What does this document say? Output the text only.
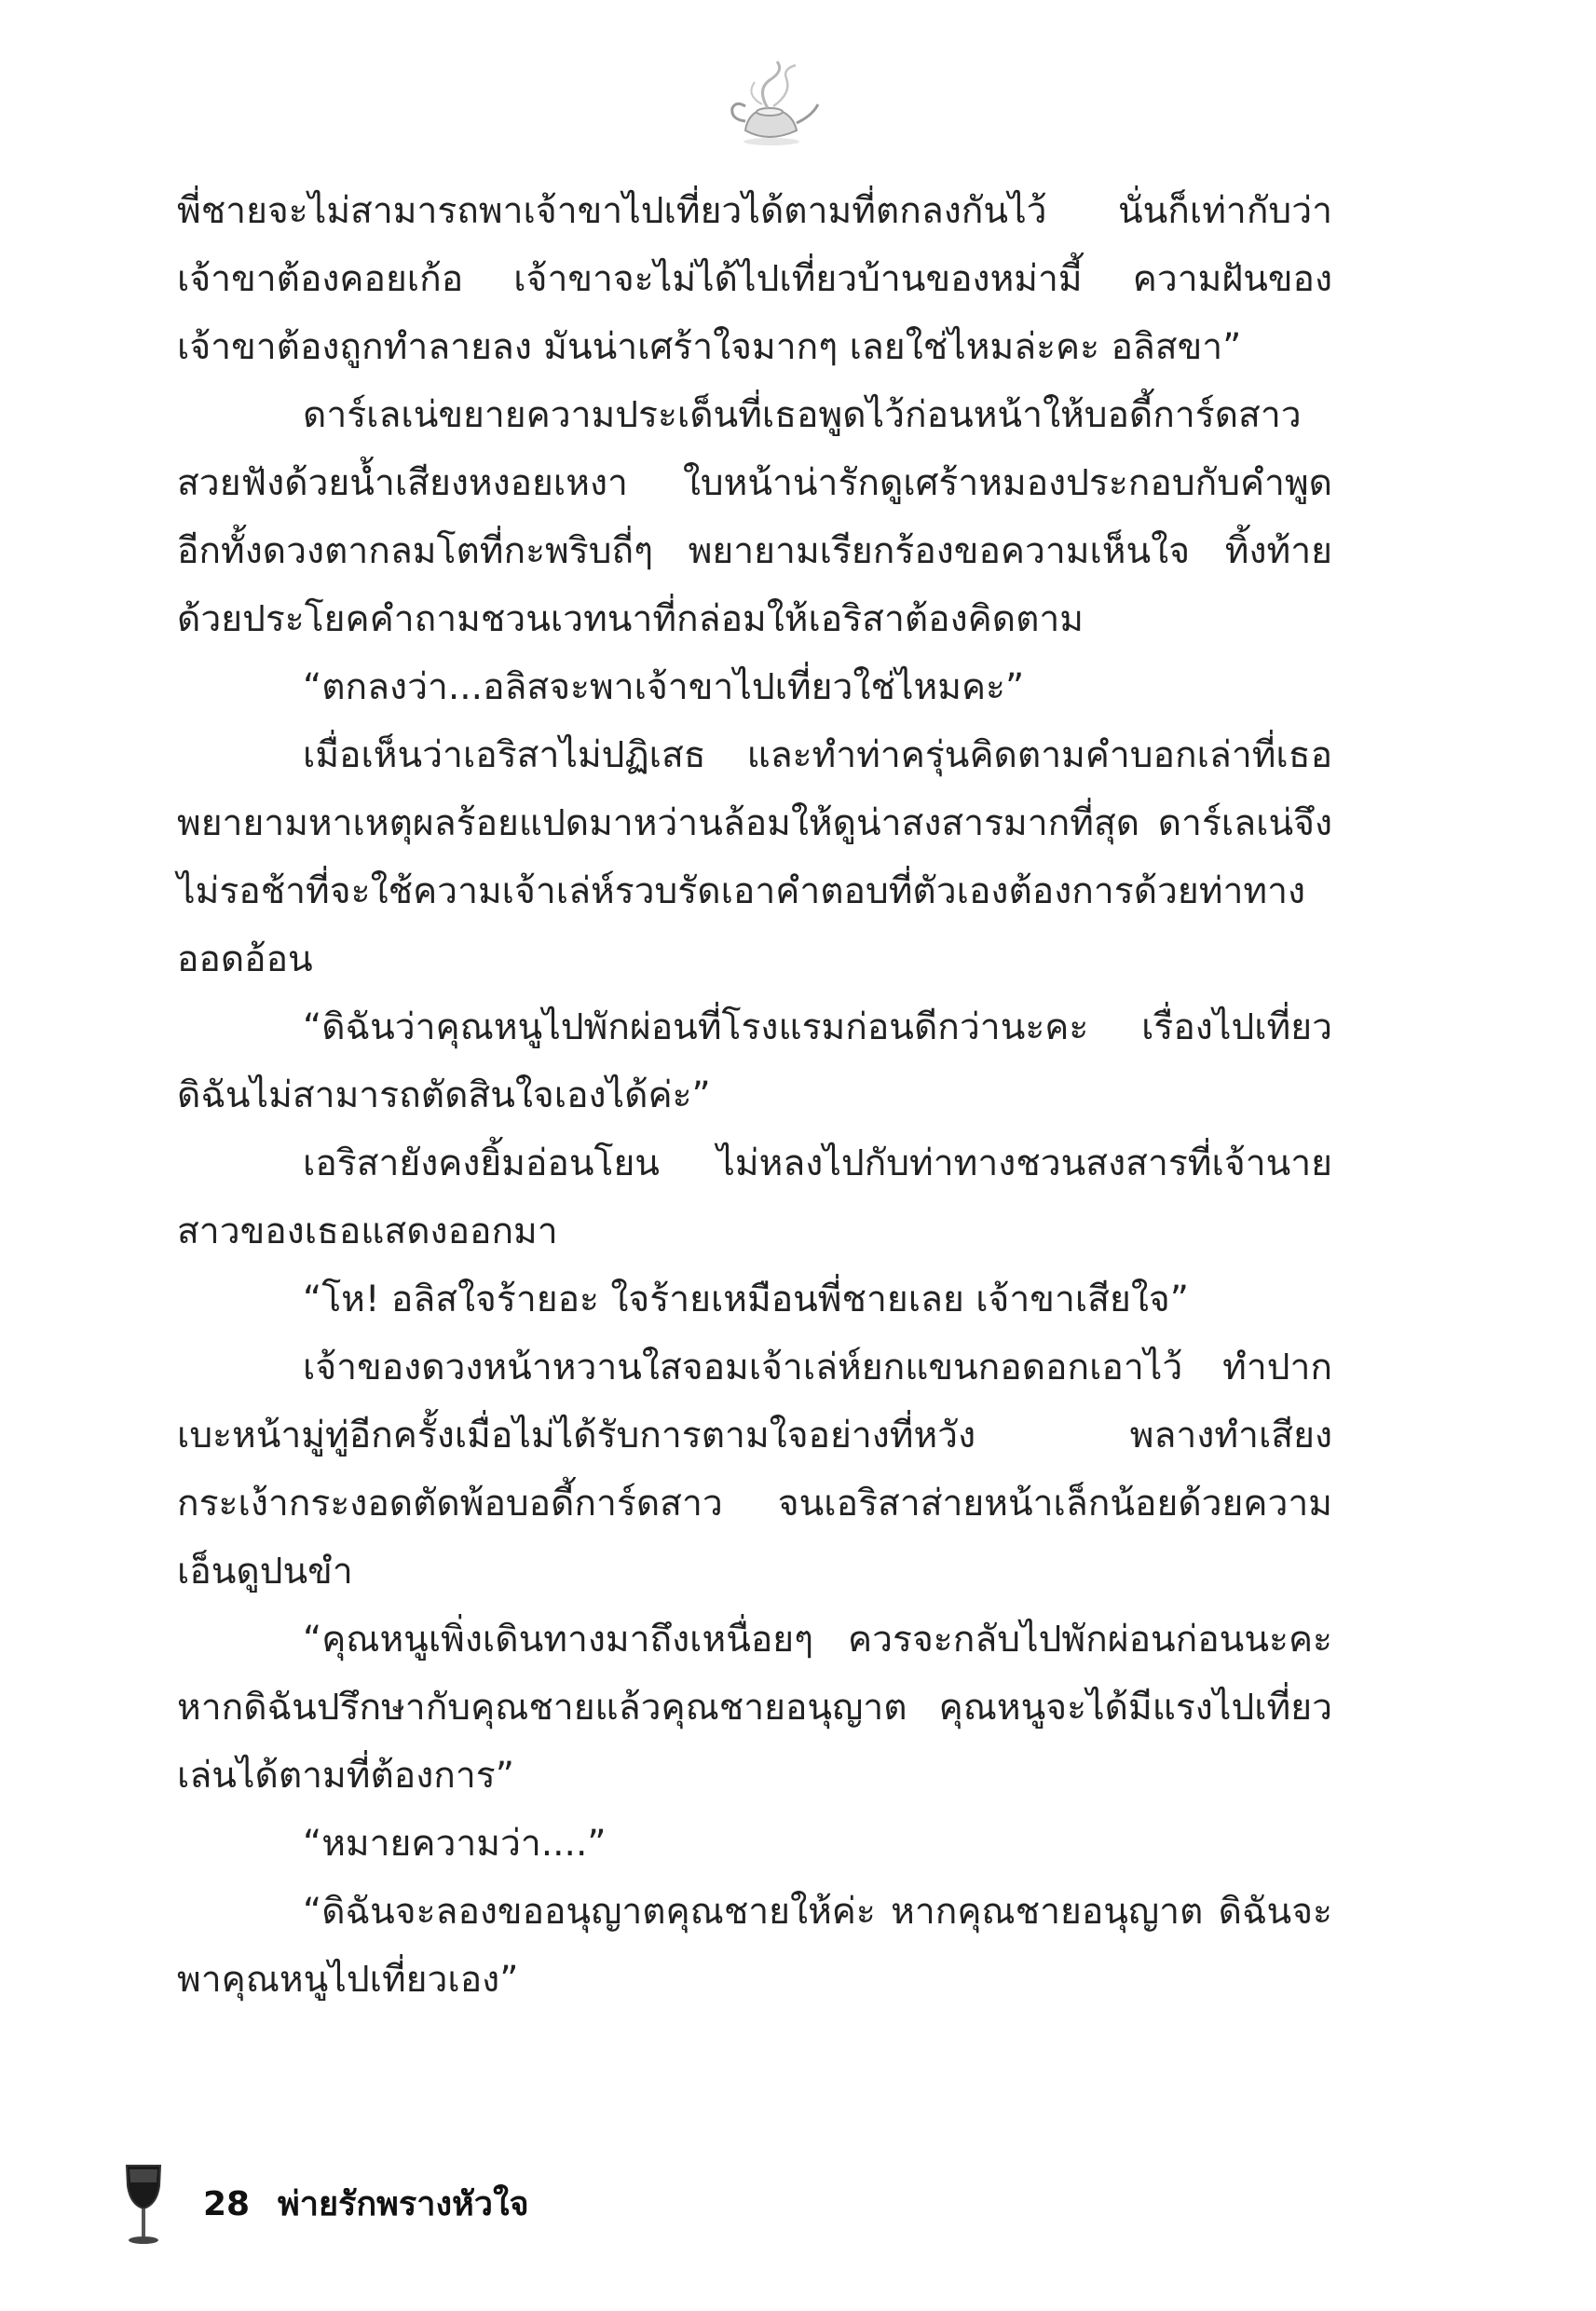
พี่ชายจะไม่สามารถพาเจ้าขาไปเที่ยวได้ตามที่ตกลงกันไว้ นั่นก็เท่ากับว่าเจ้าขาต้องคอยเก้อ เจ้าขาจะไม่ได้ไปเที่ยวบ้านของหม่ามี้ ความฝันของเจ้าขาต้องถูกทำลายลง มันน่าเศร้าใจมากๆ เลยใช่ไหมล่ะคะ อลิสขา”

ดาร์เลเน่ขยายความประเด็นที่เธอพูดไว้ก่อนหน้าให้บอดี้การ์ดสาวสวยฟังด้วยน้ำเสียงหงอยเหงา ใบหน้าน่ารักดูเศร้าหมองประกอบกับคำพูด อีกทั้งดวงตากลมโตที่กะพริบถี่ๆ พยายามเรียกร้องขอความเห็นใจ ทิ้งท้ายด้วยประโยคคำถามชวนเวทนาที่กล่อมให้เอริสาต้องคิดตาม

“ตกลงว่า...อลิสจะพาเจ้าขาไปเที่ยวใช่ไหมคะ”

เมื่อเห็นว่าเอริสาไม่ปฏิเสธ และทำท่าครุ่นคิดตามคำบอกเล่าที่เธอพยายามหาเหตุผลร้อยแปดมาหว่านล้อมให้ดูน่าสงสารมากที่สุด ดาร์เลเน่จึงไม่รอช้าที่จะใช้ความเจ้าเล่ห์รวบรัดเอาคำตอบที่ตัวเองต้องการด้วยท่าทางออดอ้อน

“ดิฉันว่าคุณหนูไปพักผ่อนที่โรงแรมก่อนดีกว่านะคะ เรื่องไปเที่ยวดิฉันไม่สามารถตัดสินใจเองได้ค่ะ”

เอริสายังคงยิ้มอ่อนโยน ไม่หลงไปกับท่าทางชวนสงสารที่เจ้านายสาวของเธอแสดงออกมา

“โห! อลิสใจร้ายอะ ใจร้ายเหมือนพี่ชายเลย เจ้าขาเสียใจ”

เจ้าของดวงหน้าหวานใสจอมเจ้าเล่ห์ยกแขนกอดอกเอาไว้ ทำปากเบะหน้ามู่ทู่อีกครั้งเมื่อไม่ได้รับการตามใจอย่างที่หวัง พลางทำเสียงกระเง้ากระงอดตัดพ้อบอดี้การ์ดสาว จนเอริสาส่ายหน้าเล็กน้อยด้วยความเอ็นดูปนขำ

“คุณหนูเพิ่งเดินทางมาถึงเหนื่อยๆ ควรจะกลับไปพักผ่อนก่อนนะคะ หากดิฉันปรึกษากับคุณชายแล้วคุณชายอนุญาต คุณหนูจะได้มีแรงไปเที่ยวเล่นได้ตามที่ต้องการ”

“หมายความว่า....”

“ดิฉันจะลองขออนุญาตคุณชายให้ค่ะ หากคุณชายอนุญาต ดิฉันจะพาคุณหนูไปเที่ยวเอง”

28 พ่ายรักพรางหัวใจ
